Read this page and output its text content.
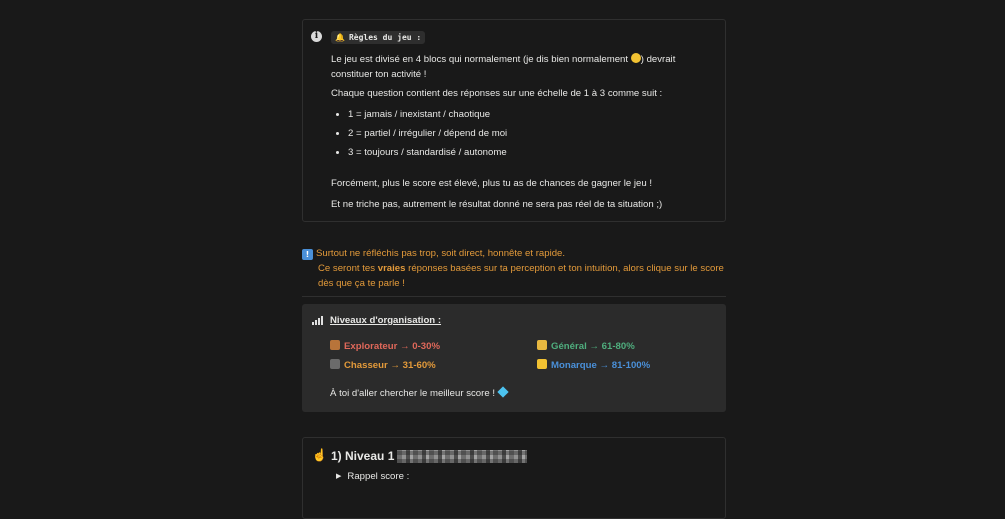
i	🔔 Règles du jeu :

Le jeu est divisé en 4 blocs qui normalement (je dis bien normalement ) devrait constituer ton activité !

Chaque question contient des réponses sur une échelle de 1 à 3 comme suit :

• 1 = jamais / inexistant / chaotique
• 2 = partiel / irrégulier / dépend de moi
• 3 = toujours / standardisé / autonome

Forcément, plus le score est élevé, plus tu as de chances de gagner le jeu !

Et ne triche pas, autrement le résultat donné ne sera pas réel de ta situation ;)

! Surtout ne réfléchis pas trop, soit direct, honnête et rapide.
Ce seront tes vraies réponses basées sur ta perception et ton intuition, alors clique sur le score dès que ça te parle !
Niveaux d'organisation :
Explorateur → 0-30%
Chasseur → 31-60%
Général → 61-80%
Monarque → 81-100%
À toi d'aller chercher le meilleur score !
☝ 1) Niveau 1
▶ Rappel score :
